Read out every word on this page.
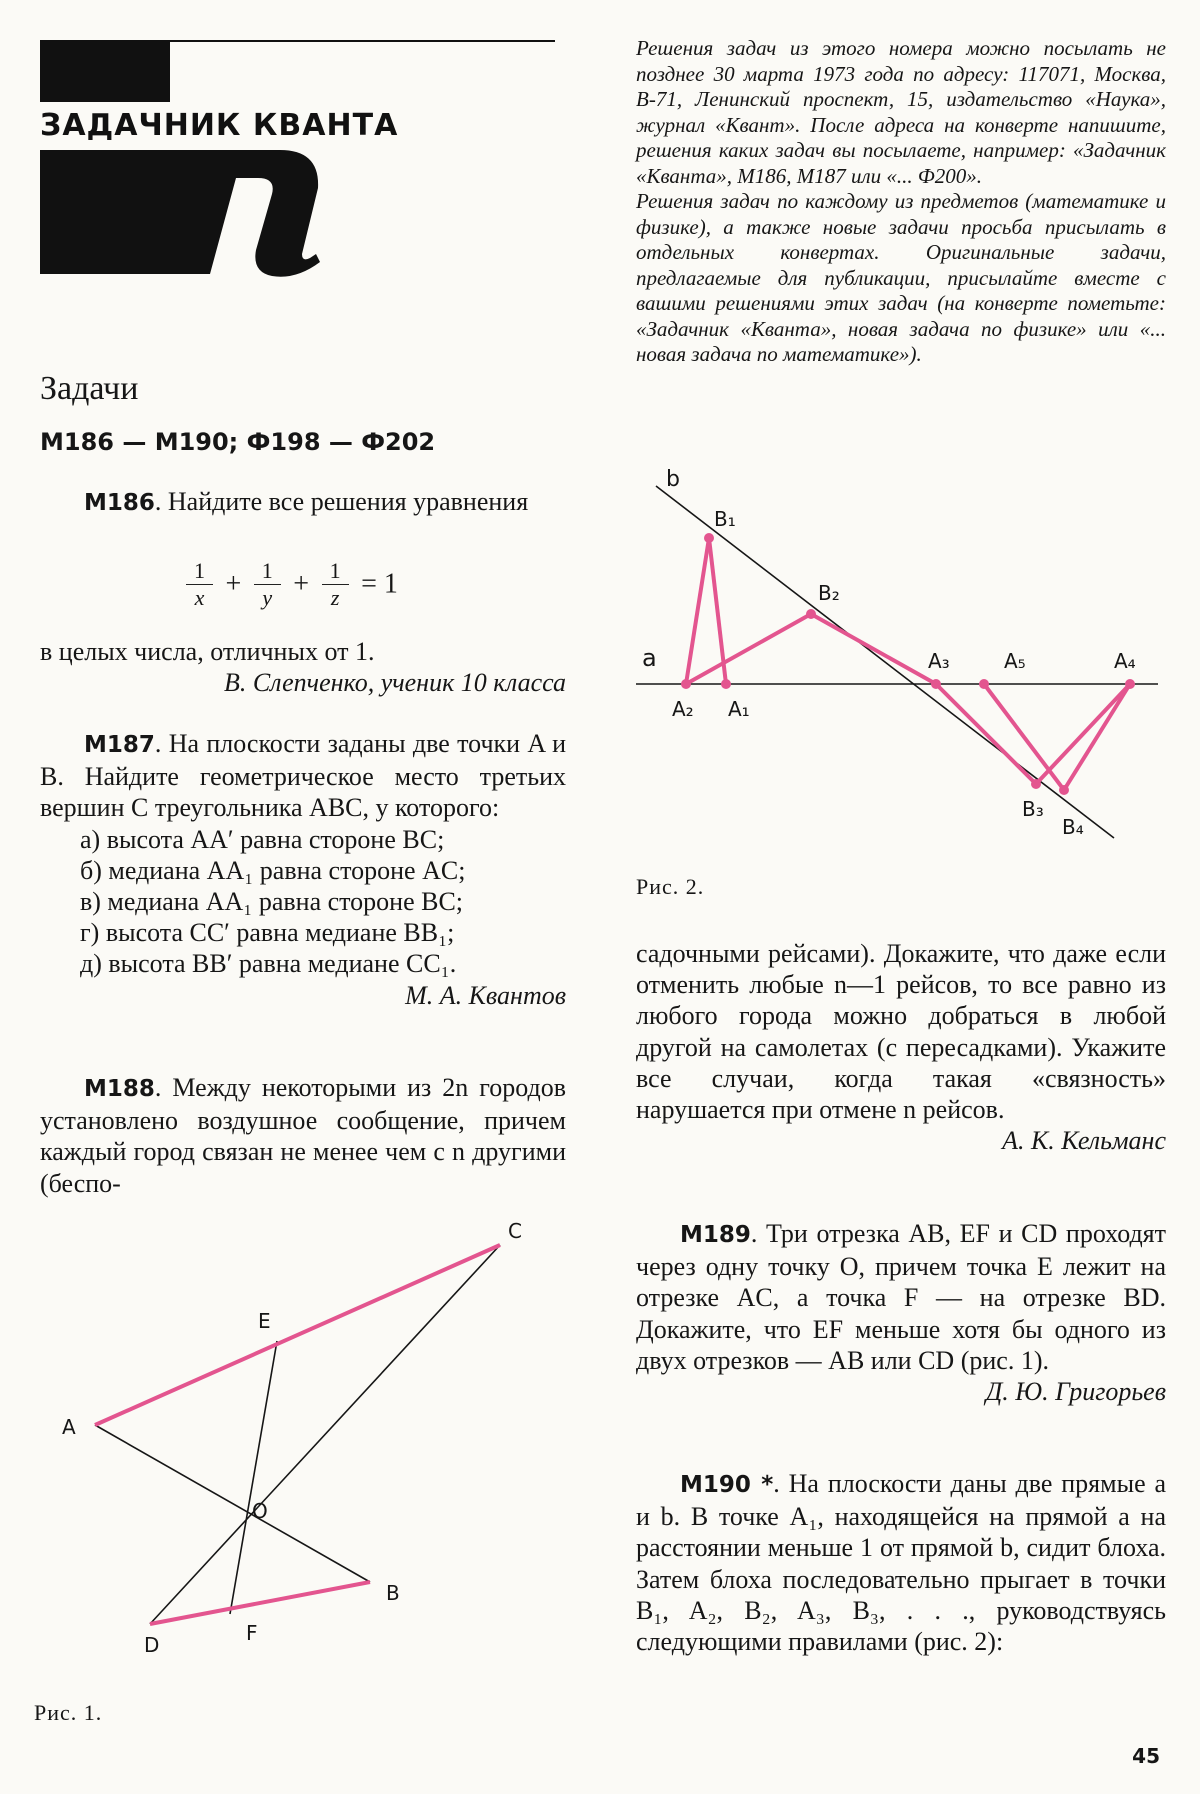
ЗАДАЧНИК КВАНТА

Решения задач из этого номера можно посылать не позднее 30 марта 1973 года по адресу: 117071, Москва, В-71, Ленинский проспект, 15, издательство «Наука», журнал «Квант». После адреса на конверте напишите, решения каких задач вы посылаете, например: «Задачник «Кванта», М186, М187 или «... Ф200».

Решения задач по каждому из предметов (математике и физике), а также новые задачи просьба присылать в отдельных конвертах. Оригинальные задачи, предлагаемые для публикации, присылайте вместе с вашими решениями этих задач (на конверте пометьте: «Задачник «Кванта», новая задача по физике» или «... новая задача по математике»).

Задачи
М186 — М190; Ф198 — Ф202

М186. Найдите все решения уравнения

$\frac{1}{x} + \frac{1}{y} + \frac{1}{z} = 1$

в целых числа, отличных от 1.

В. Слепченко, ученик 10 класса

М187. На плоскости заданы две точки A и B. Найдите геометрическое место третьих вершин C треугольника ABC, у которого:

а) высота AA′ равна стороне BC;
б) медиана AA₁ равна стороне AC;
в) медиана AA₁ равна стороне BC;
г) высота CC′ равна медиане BB₁;
д) высота BB′ равна медиане CC₁.

М. А. Квантов

М188. Между некоторыми из 2n городов установлено воздушное сообщение, причем каждый город связан не менее чем с n другими (беспо-

A
C
B
D
E
F
O
Рис. 1.
b
a
B₁
B₂
A₂ A₁
A₃	A₅	A₄
B₃
B₄
Рис. 2.

садочными рейсами). Докажите, что даже если отменить любые n—1 рейсов, то все равно из любого города можно добраться в любой другой на самолетах (с пересадками). Укажите все случаи, когда такая «связность» нарушается при отмене n рейсов.

А. К. Кельманс

М189. Три отрезка AB, EF и CD проходят через одну точку O, причем точка E лежит на отрезке AC, а точка F — на отрезке BD. Докажите, что EF меньше хотя бы одного из двух отрезков — AB или CD (рис. 1).

Д. Ю. Григорьев

М190 *. На плоскости даны две прямые a и b. В точке A₁, находящейся на прямой a на расстоянии меньше 1 от прямой b, сидит блоха. Затем блоха последовательно прыгает в точки B₁, A₂, B₂, A₃, B₃, . . ., руководствуясь следующими правилами (рис. 2):

45
